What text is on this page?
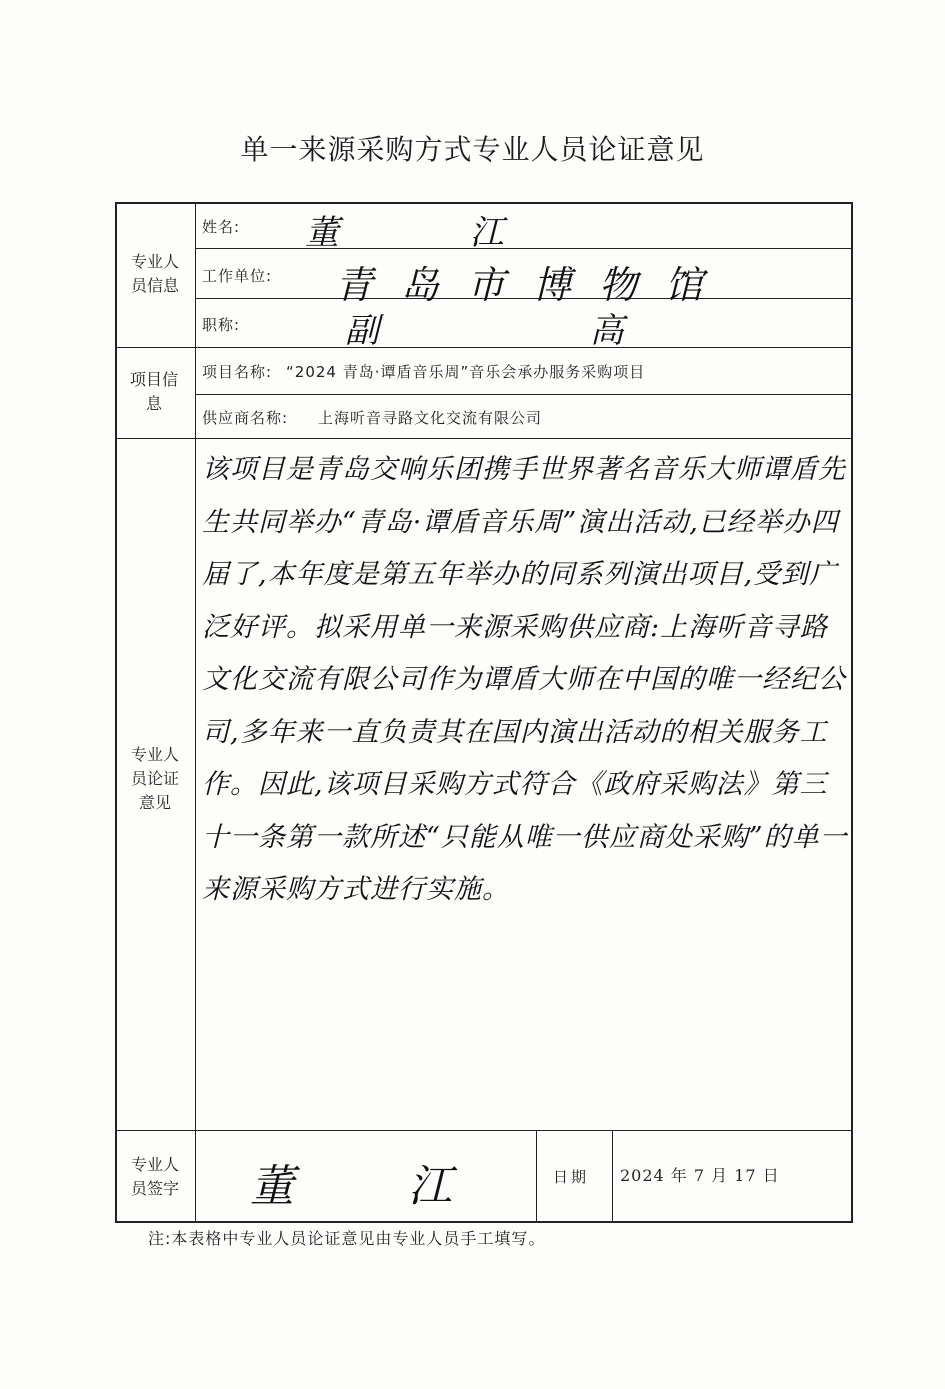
单一来源采购方式专业人员论证意见
专业人员信息
姓名: 董 江
工作单位: 青岛市博物馆
职称:	副 高
项目信息
项目名称: “2024 青岛·谭盾音乐周”音乐会承办服务采购项目
供应商名称: 上海听音寻路文化交流有限公司
专业人员论证意见
该项目是青岛交响乐团携手世界著名音乐大师谭盾先生共同举办“青岛·谭盾音乐周”演出活动,已经举办四届了,本年度是第五年举办的同系列演出项目,受到广泛好评。拟采用单一来源采购供应商:上海听音寻路文化交流有限公司作为谭盾大师在中国的唯一经纪公司,多年来一直负责其在国内演出活动的相关服务工作。因此,该项目采购方式符合《政府采购法》第三十一条第一款所述“只能从唯一供应商处采购”的单一来源采购方式进行实施。
专业人员签字 董 江	日期 2024 年 7 月 17 日
注:本表格中专业人员论证意见由专业人员手工填写。
